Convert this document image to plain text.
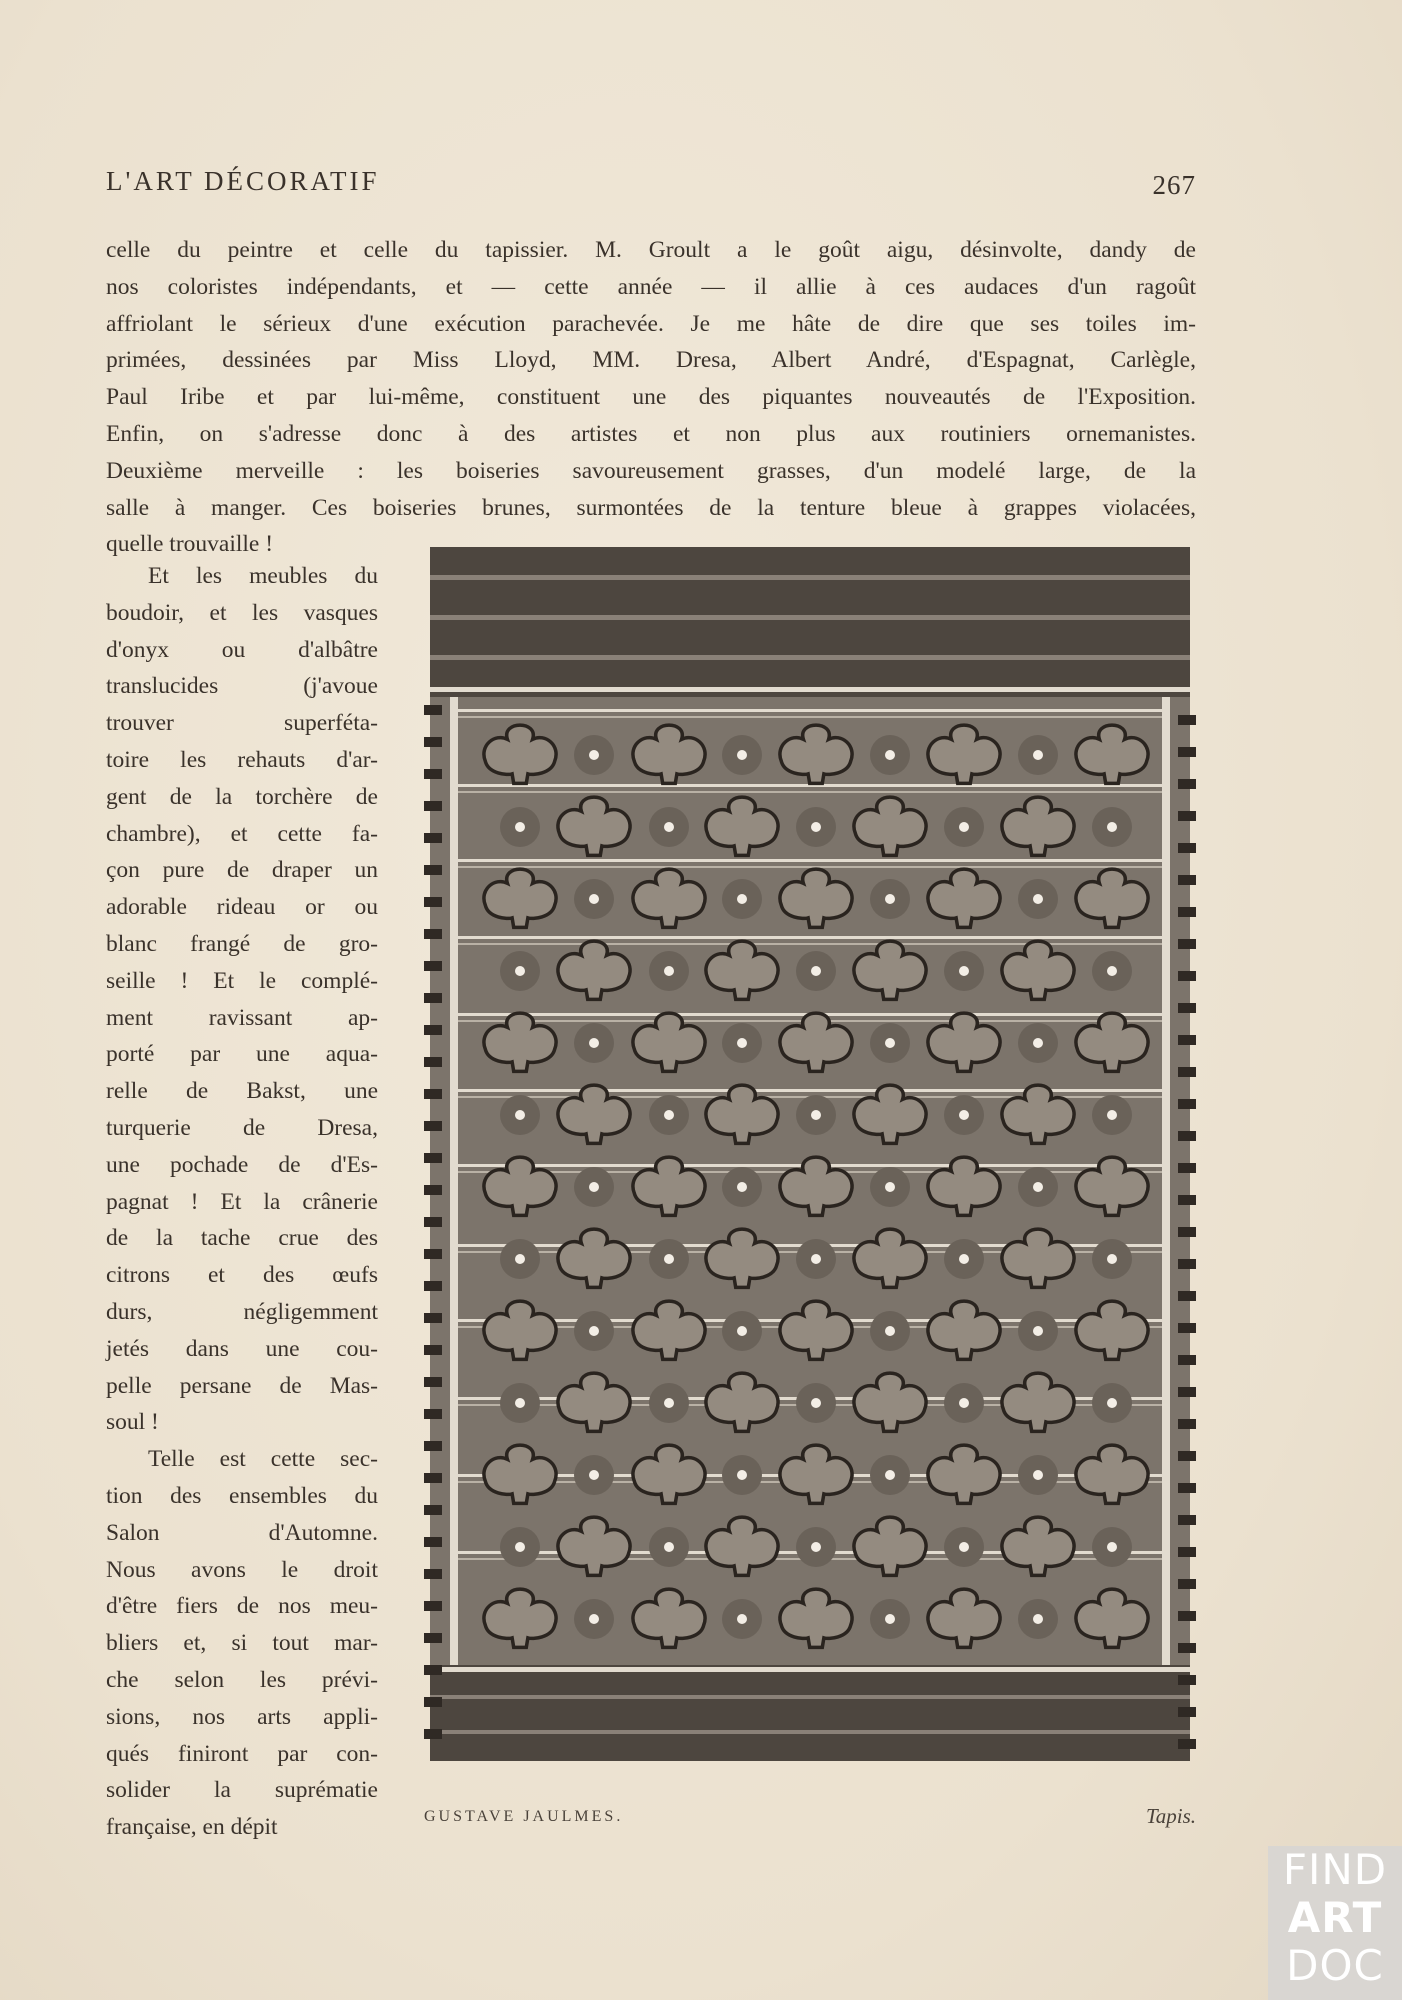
L'ART DÉCORATIF	267
celle du peintre et celle du tapissier. M. Groult a le goût aigu, désinvolte, dandy de
nos coloristes indépendants, et — cette année — il allie à ces audaces d'un ragoût
affriolant le sérieux d'une exécution parachevée. Je me hâte de dire que ses toiles im-
primées, dessinées par Miss Lloyd, MM. Dresa, Albert André, d'Espagnat, Carlègle,
Paul Iribe et par lui-même, constituent une des piquantes nouveautés de l'Exposition.
Enfin, on s'adresse donc à des artistes et non plus aux routiniers ornemanistes.
Deuxième merveille : les boiseries savoureusement grasses, d'un modelé large, de la
salle à manger. Ces boiseries brunes, surmontées de la tenture bleue à grappes violacées,
quelle trouvaille !
Et les meubles du
boudoir, et les vasques
d'onyx ou d'albâtre
translucides (j'avoue
trouver superféta-
toire les rehauts d'ar-
gent de la torchère de
chambre), et cette fa-
çon pure de draper un
adorable rideau or ou
blanc frangé de gro-
seille ! Et le complé-
ment ravissant ap-
porté par une aqua-
relle de Bakst, une
turquerie de Dresa,
une pochade de d'Es-
pagnat ! Et la crânerie
de la tache crue des
citrons et des œufs
durs, négligemment
jetés dans une cou-
pelle persane de Mas-
soul !
Telle est cette sec-
tion des ensembles du
Salon d'Automne.
Nous avons le droit
d'être fiers de nos meu-
bliers et, si tout mar-
che selon les prévi-
sions, nos arts appli-
qués finiront par con-
solider la suprématie
française, en dépit	GUSTAVE JAULMES.	Tapis.
FIND
ART
DOC
